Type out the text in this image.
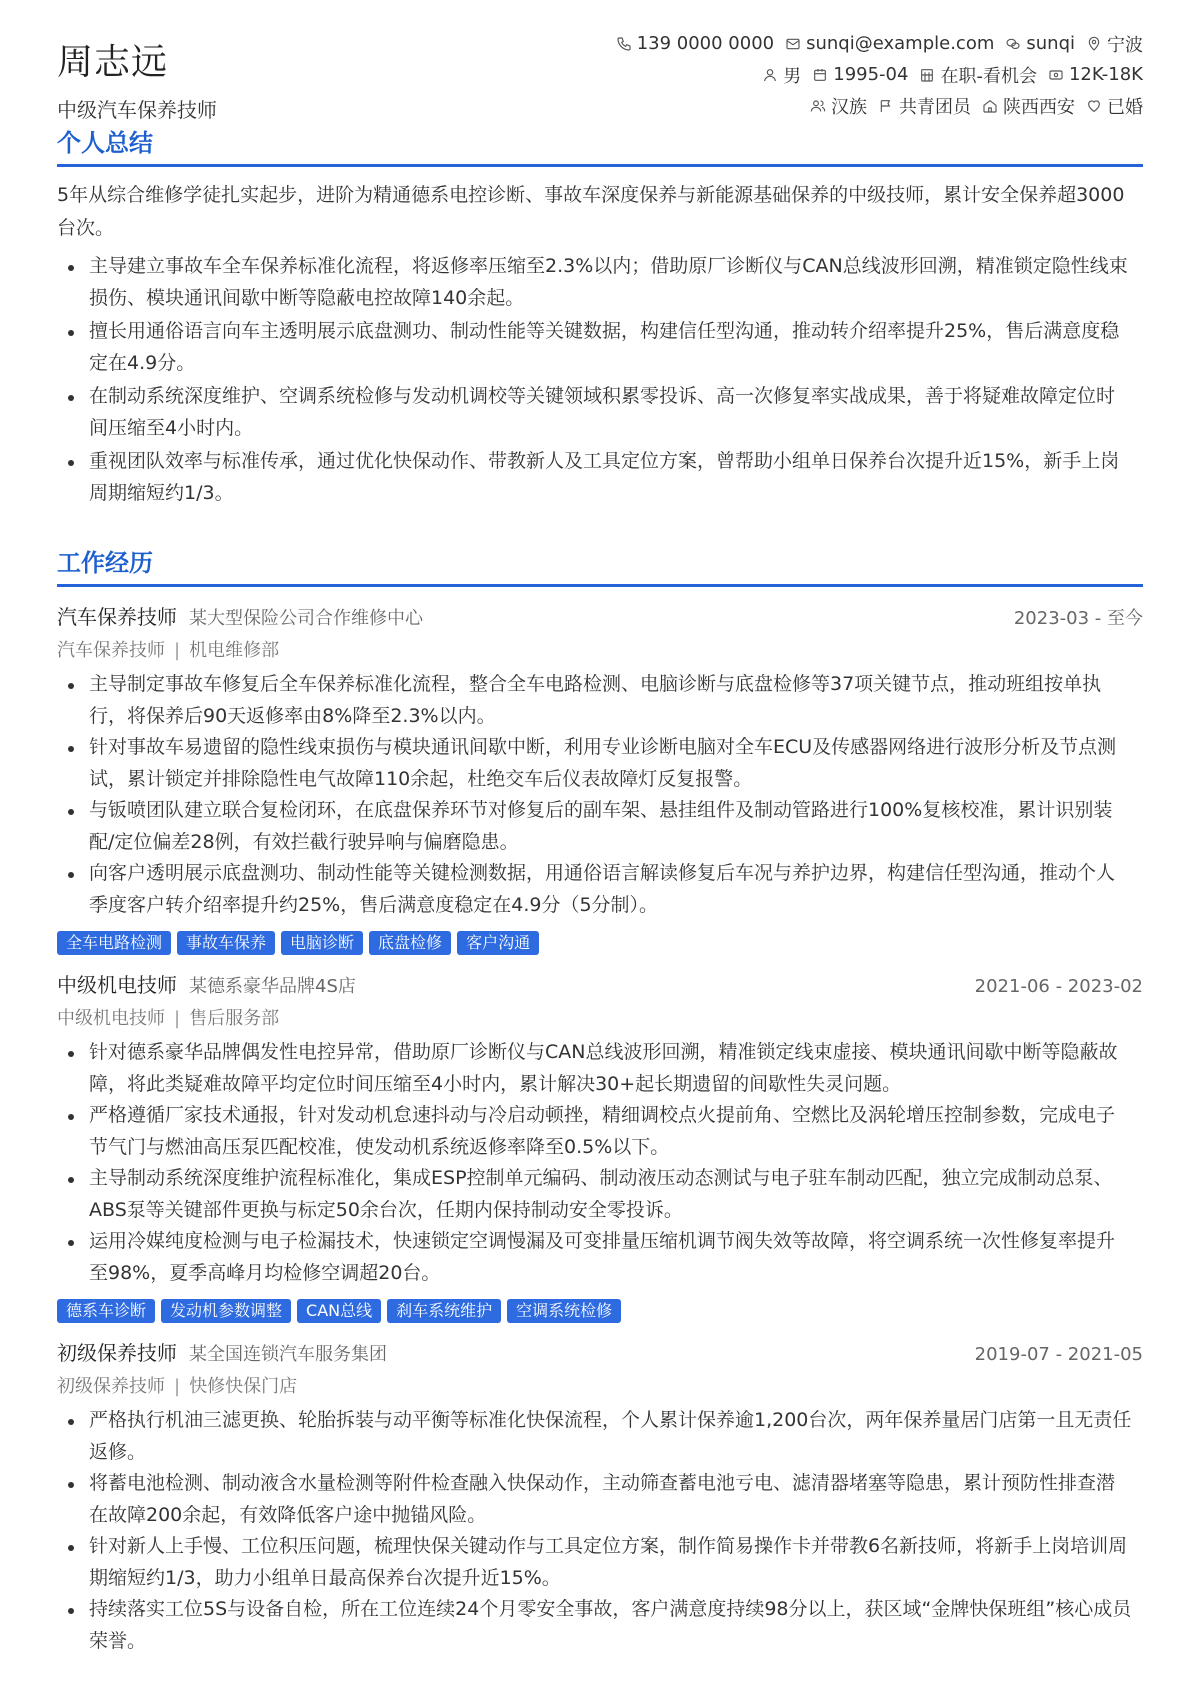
周志远
中级汽车保养技师
139 0000 0000 sunqi@example.com sunqi 宁波
男 1995-04 在职-看机会 12K-18K
汉族 共青团员 陕西西安 已婚
个人总结

5年从综合维修学徒扎实起步，进阶为精通德系电控诊断、事故车深度保养与新能源基础保养的中级技师，累计安全保养超3000台次。

主导建立事故车全车保养标准化流程，将返修率压缩至2.3%以内；借助原厂诊断仪与CAN总线波形回溯，精准锁定隐性线束损伤、模块通讯间歇中断等隐蔽电控故障140余起。
擅长用通俗语言向车主透明展示底盘测功、制动性能等关键数据，构建信任型沟通，推动转介绍率提升25%，售后满意度稳定在4.9分。
在制动系统深度维护、空调系统检修与发动机调校等关键领域积累零投诉、高一次修复率实战成果，善于将疑难故障定位时间压缩至4小时内。
重视团队效率与标准传承，通过优化快保动作、带教新人及工具定位方案，曾帮助小组单日保养台次提升近15%，新手上岗周期缩短约1/3。
工作经历
汽车保养技师 某大型保险公司合作维修中心	2023-03 - 至今
汽车保养技师 | 机电维修部
主导制定事故车修复后全车保养标准化流程，整合全车电路检测、电脑诊断与底盘检修等37项关键节点，推动班组按单执行，将保养后90天返修率由8%降至2.3%以内。
针对事故车易遗留的隐性线束损伤与模块通讯间歇中断，利用专业诊断电脑对全车ECU及传感器网络进行波形分析及节点测试，累计锁定并排除隐性电气故障110余起，杜绝交车后仪表故障灯反复报警。
与钣喷团队建立联合复检闭环，在底盘保养环节对修复后的副车架、悬挂组件及制动管路进行100%复核校准，累计识别装配/定位偏差28例，有效拦截行驶异响与偏磨隐患。
向客户透明展示底盘测功、制动性能等关键检测数据，用通俗语言解读修复后车况与养护边界，构建信任型沟通，推动个人季度客户转介绍率提升约25%，售后满意度稳定在4.9分（5分制）。
全车电路检测	事故车保养	电脑诊断	底盘检修	客户沟通
中级机电技师 某德系豪华品牌4S店	2021-06 - 2023-02
中级机电技师 | 售后服务部
针对德系豪华品牌偶发性电控异常，借助原厂诊断仪与CAN总线波形回溯，精准锁定线束虚接、模块通讯间歇中断等隐蔽故障，将此类疑难故障平均定位时间压缩至4小时内，累计解决30+起长期遗留的间歇性失灵问题。
严格遵循厂家技术通报，针对发动机怠速抖动与冷启动顿挫，精细调校点火提前角、空燃比及涡轮增压控制参数，完成电子节气门与燃油高压泵匹配校准，使发动机系统返修率降至0.5%以下。
主导制动系统深度维护流程标准化，集成ESP控制单元编码、制动液压动态测试与电子驻车制动匹配，独立完成制动总泵、ABS泵等关键部件更换与标定50余台次，任期内保持制动安全零投诉。
运用冷媒纯度检测与电子检漏技术，快速锁定空调慢漏及可变排量压缩机调节阀失效等故障，将空调系统一次性修复率提升至98%，夏季高峰月均检修空调超20台。
德系车诊断	发动机参数调整	CAN总线	刹车系统维护	空调系统检修
初级保养技师 某全国连锁汽车服务集团	2019-07 - 2021-05
初级保养技师 | 快修快保门店
严格执行机油三滤更换、轮胎拆装与动平衡等标准化快保流程，个人累计保养逾1,200台次，两年保养量居门店第一且无责任返修。
将蓄电池检测、制动液含水量检测等附件检查融入快保动作，主动筛查蓄电池亏电、滤清器堵塞等隐患，累计预防性排查潜在故障200余起，有效降低客户途中抛锚风险。
针对新人上手慢、工位积压问题，梳理快保关键动作与工具定位方案，制作简易操作卡并带教6名新技师，将新手上岗培训周期缩短约1/3，助力小组单日最高保养台次提升近15%。
持续落实工位5S与设备自检，所在工位连续24个月零安全事故，客户满意度持续98分以上，获区域“金牌快保班组”核心成员荣誉。
